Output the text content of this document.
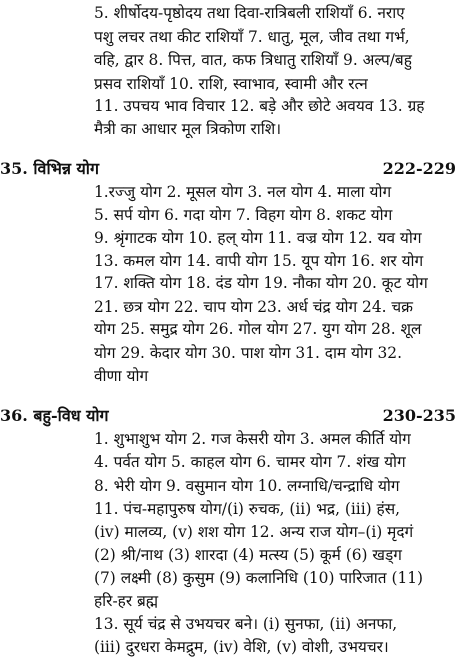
5. शीर्षोदय-पृष्ठोदय तथा दिवा-रात्रिबली राशियाँ 6. नराए
पशु लचर तथा कीट राशियाँ 7. धातु, मूल, जीव तथा गर्भ,
वहि, द्वार 8. पित्त, वात, कफ त्रिधातु राशियाँ 9. अल्प/बहु
प्रसव राशियाँ 10. राशि, स्वाभाव, स्वामी और रत्न
11. उपचय भाव विचार 12. बड़े और छोटे अवयव 13. ग्रह
मैत्री का आधार मूल त्रिकोण राशि।
35. विभिन्न योग	222-229
1.रज्जु योग 2. मूसल योग 3. नल योग 4. माला योग
5. सर्प योग 6. गदा योग 7. विहग योग 8. शकट योग
9. श्रृंगाटक योग 10. हल् योग 11. वज्र योग 12. यव योग
13. कमल योग 14. वापी योग 15. यूप योग 16. शर योग
17. शक्ति योग 18. दंड योग 19. नौका योग 20. कूट योग
21. छत्र योग 22. चाप योग 23. अर्ध चंद्र योग 24. चक्र
योग 25. समुद्र योग 26. गोल योग 27. युग योग 28. शूल
योग 29. केदार योग 30. पाश योग 31. दाम योग 32.
वीणा योग
36. बहु-विध योग	230-235
1. शुभाशुभ योग 2. गज केसरी योग 3. अमल कीर्ति योग
4. पर्वत योग 5. काहल योग 6. चामर योग 7. शंख योग
8. भेरी योग 9. वसुमान योग 10. लग्नाधि/चन्द्राधि योग
11. पंच-महापुरुष योग/(i) रुचक, (ii) भद्र, (iii) हंस,
(iv) मालव्य, (v) शश योग 12. अन्य राज योग–(i) मृदगं
(2) श्री/नाथ (3) शारदा (4) मत्स्य (5) कूर्म (6) खड्ग
(7) लक्ष्मी (8) कुसुम (9) कलानिधि (10) पारिजात (11)
हरि-हर ब्रह्म
13. सूर्य चंद्र से उभयचर बने। (i) सुनफा, (ii) अनफा,
(iii) दुरधरा केमद्रुम, (iv) वेशि, (v) वोशी, उभयचर।
